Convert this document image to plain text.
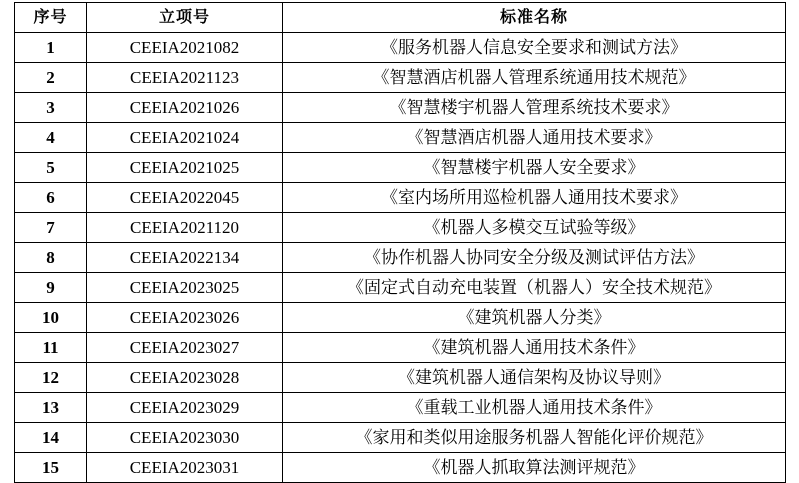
序号	立项号	标准名称
1	CEEIA2021082	《服务机器人信息安全要求和测试方法》
2	CEEIA2021123	《智慧酒店机器人管理系统通用技术规范》
3	CEEIA2021026	《智慧楼宇机器人管理系统技术要求》
4	CEEIA2021024	《智慧酒店机器人通用技术要求》
5	CEEIA2021025	《智慧楼宇机器人安全要求》
6	CEEIA2022045	《室内场所用巡检机器人通用技术要求》
7	CEEIA2021120	《机器人多模交互试验等级》
8	CEEIA2022134	《协作机器人协同安全分级及测试评估方法》
9	CEEIA2023025	《固定式自动充电装置（机器人）安全技术规范》
10	CEEIA2023026	《建筑机器人分类》
11	CEEIA2023027	《建筑机器人通用技术条件》
12	CEEIA2023028	《建筑机器人通信架构及协议导则》
13	CEEIA2023029	《重载工业机器人通用技术条件》
14	CEEIA2023030	《家用和类似用途服务机器人智能化评价规范》
15	CEEIA2023031	《机器人抓取算法测评规范》
